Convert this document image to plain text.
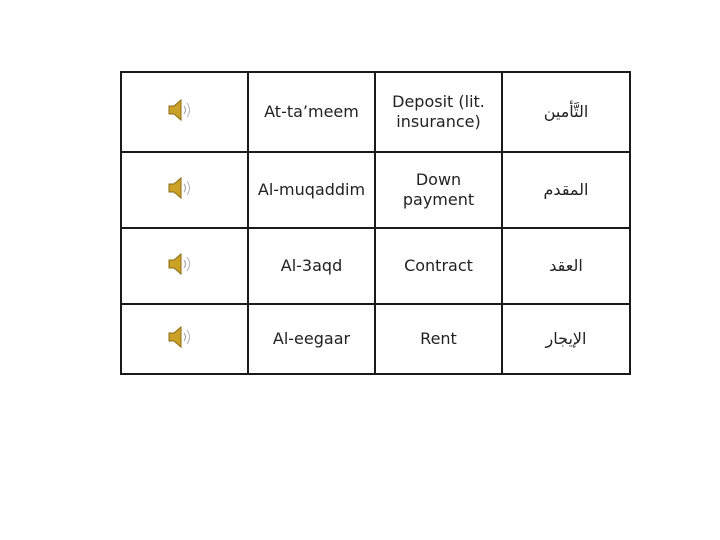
	At-ta’meem	Deposit (lit. insurance)	التَّأمين
	Al-muqaddim	Down payment	المقدم
	Al-3aqd	Contract	العقد
	Al-eegaar	Rent	الإيجار
